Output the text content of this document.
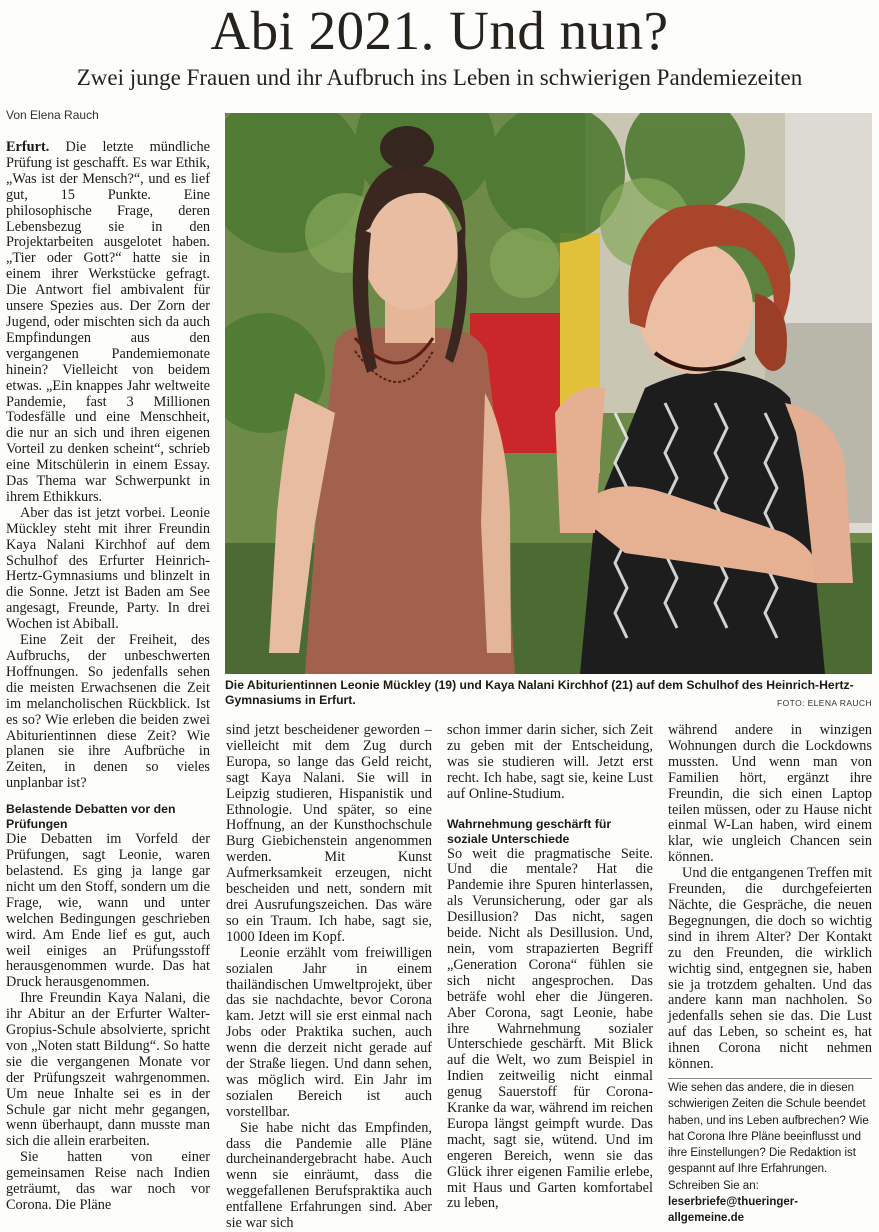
Abi 2021. Und nun?
Zwei junge Frauen und ihr Aufbruch ins Leben in schwierigen Pandemiezeiten
Von Elena Rauch

Erfurt. Die letzte mündliche Prüfung ist geschafft. Es war Ethik, „Was ist der Mensch?“, und es lief gut, 15 Punkte. Eine philosophische Frage, deren Lebensbezug sie in den Projektarbeiten ausgelotet haben. „Tier oder Gott?“ hatte sie in einem ihrer Werkstücke gefragt. Die Antwort fiel ambivalent für unsere Spezies aus. Der Zorn der Jugend, oder mischten sich da auch Empfindungen aus den vergangenen Pandemiemonate hinein? Vielleicht von beidem etwas. „Ein knappes Jahr weltweite Pandemie, fast 3 Millionen Todesfälle und eine Menschheit, die nur an sich und ihren eigenen Vorteil zu denken scheint“, schrieb eine Mitschülerin in einem Essay. Das Thema war Schwerpunkt in ihrem Ethikkurs.

Aber das ist jetzt vorbei. Leonie Mückley steht mit ihrer Freundin Kaya Nalani Kirchhof auf dem Schulhof des Erfurter Heinrich-Hertz-Gymnasiums und blinzelt in die Sonne. Jetzt ist Baden am See angesagt, Freunde, Party. In drei Wochen ist Abiball.

Eine Zeit der Freiheit, des Aufbruchs, der unbeschwerten Hoffnungen. So jedenfalls sehen die meisten Erwachsenen die Zeit im melancholischen Rückblick. Ist es so? Wie erleben die beiden zwei Abiturientinnen diese Zeit? Wie planen sie ihre Aufbrüche in Zeiten, in denen so vieles unplanbar ist?

Belastende Debatten vor den Prüfungen

Die Debatten im Vorfeld der Prüfungen, sagt Leonie, waren belastend. Es ging ja lange gar nicht um den Stoff, sondern um die Frage, wie, wann und unter welchen Bedingungen geschrieben wird. Am Ende lief es gut, auch weil einiges an Prüfungsstoff herausgenommen wurde. Das hat Druck herausgenommen.

Ihre Freundin Kaya Nalani, die ihr Abitur an der Erfurter Walter-Gropius-Schule absolvierte, spricht von „Noten statt Bildung“. So hatte sie die vergangenen Monate vor der Prüfungszeit wahrgenommen. Um neue Inhalte sei es in der Schule gar nicht mehr gegangen, wenn überhaupt, dann musste man sich die allein erarbeiten.

Sie hatten von einer gemeinsamen Reise nach Indien geträumt, das war noch vor Corona. Die Pläne

Die Abiturientinnen Leonie Mückley (19) und Kaya Nalani Kirchhof (21) auf dem Schulhof des Heinrich-Hertz-Gymnasiums in Erfurt.	FOTO: ELENA RAUCH

sind jetzt bescheidener geworden – vielleicht mit dem Zug durch Europa, so lange das Geld reicht, sagt Kaya Nalani. Sie will in Leipzig studieren, Hispanistik und Ethnologie. Und später, so eine Hoffnung, an der Kunsthochschule Burg Giebichenstein angenommen werden. Mit Kunst Aufmerksamkeit erzeugen, nicht bescheiden und nett, sondern mit drei Ausrufungszeichen. Das wäre so ein Traum. Ich habe, sagt sie, 1000 Ideen im Kopf.

Leonie erzählt vom freiwilligen sozialen Jahr in einem thailändischen Umweltprojekt, über das sie nachdachte, bevor Corona kam. Jetzt will sie erst einmal nach Jobs oder Praktika suchen, auch wenn die derzeit nicht gerade auf der Straße liegen. Und dann sehen, was möglich wird. Ein Jahr im sozialen Bereich ist auch vorstellbar.

Sie habe nicht das Empfinden, dass die Pandemie alle Pläne durcheinandergebracht habe. Auch wenn sie einräumt, dass die weggefallenen Berufspraktika auch entfallene Erfahrungen sind. Aber sie war sich

schon immer darin sicher, sich Zeit zu geben mit der Entscheidung, was sie studieren will. Jetzt erst recht. Ich habe, sagt sie, keine Lust auf Online-Studium.

Wahrnehmung geschärft für soziale Unterschiede

So weit die pragmatische Seite. Und die mentale? Hat die Pandemie ihre Spuren hinterlassen, als Verunsicherung, oder gar als Desillusion? Das nicht, sagen beide. Nicht als Desillusion. Und, nein, vom strapazierten Begriff „Generation Corona“ fühlen sie sich nicht angesprochen. Das beträfe wohl eher die Jüngeren. Aber Corona, sagt Leonie, habe ihre Wahrnehmung sozialer Unterschiede geschärft. Mit Blick auf die Welt, wo zum Beispiel in Indien zeitweilig nicht einmal genug Sauerstoff für Corona-Kranke da war, während im reichen Europa längst geimpft wurde. Das macht, sagt sie, wütend. Und im engeren Bereich, wenn sie das Glück ihrer eigenen Familie erlebe, mit Haus und Garten komfortabel zu leben,

während andere in winzigen Wohnungen durch die Lockdowns mussten. Und wenn man von Familien hört, ergänzt ihre Freundin, die sich einen Laptop teilen müssen, oder zu Hause nicht einmal W-Lan haben, wird einem klar, wie ungleich Chancen sein können.

Und die entgangenen Treffen mit Freunden, die durchgefeierten Nächte, die Gespräche, die neuen Begegnungen, die doch so wichtig sind in ihrem Alter? Der Kontakt zu den Freunden, die wirklich wichtig sind, entgegnen sie, haben sie ja trotzdem gehalten. Und das andere kann man nachholen. So jedenfalls sehen sie das. Die Lust auf das Leben, so scheint es, hat ihnen Corona nicht nehmen können.

Wie sehen das andere, die in diesen schwierigen Zeiten die Schule beendet haben, und ins Leben aufbrechen? Wie hat Corona Ihre Pläne beeinflusst und ihre Einstellungen? Die Redaktion ist gespannt auf Ihre Erfahrungen. Schreiben Sie an: leserbriefe@thueringer-allgemeine.de
